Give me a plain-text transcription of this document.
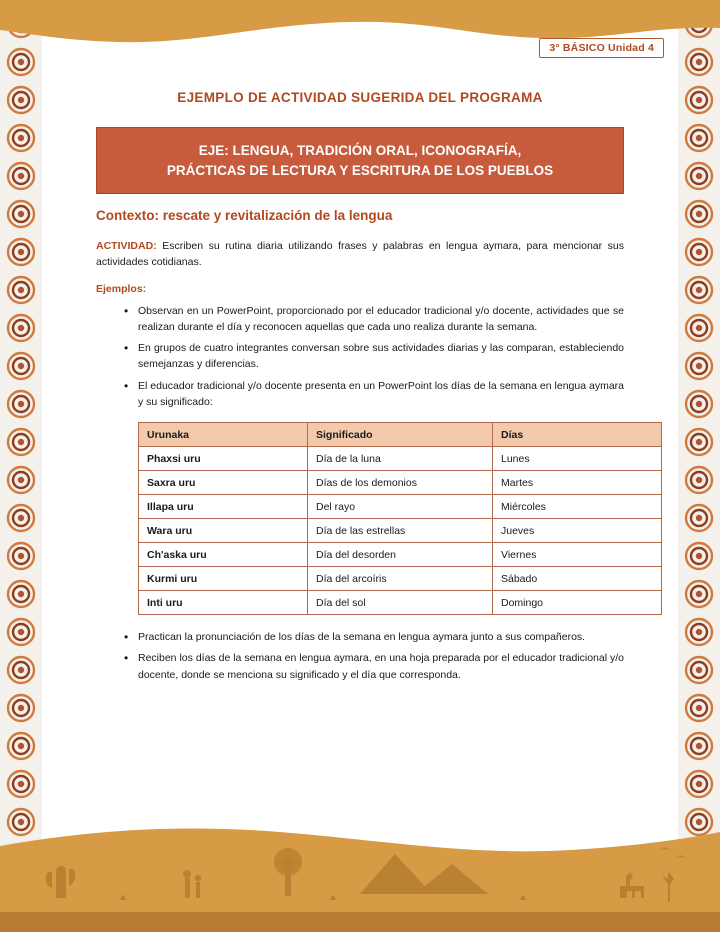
3° BÁSICO Unidad 4
EJEMPLO DE ACTIVIDAD SUGERIDA DEL PROGRAMA
EJE: LENGUA, TRADICIÓN ORAL, ICONOGRAFÍA,
PRÁCTICAS DE LECTURA Y ESCRITURA DE LOS PUEBLOS
Contexto: rescate y revitalización de la lengua

ACTIVIDAD: Escriben su rutina diaria utilizando frases y palabras en lengua aymara, para mencionar sus actividades cotidianas.

Ejemplos:
• Observan en un PowerPoint, proporcionado por el educador tradicional y/o docente, actividades que se realizan durante el día y reconocen aquellas que cada uno realiza durante la semana.
• En grupos de cuatro integrantes conversan sobre sus actividades diarias y las comparan, estableciendo semejanzas y diferencias.
• El educador tradicional y/o docente presenta en un PowerPoint los días de la semana en lengua aymara y su significado:
Urunaka	Significado	Días
Phaxsi uru	Día de la luna	Lunes
Saxra uru	Días de los demonios	Martes
Illapa uru	Del rayo	Miércoles
Wara uru	Día de las estrellas	Jueves
Ch'aska uru	Día del desorden	Viernes
Kurmi uru	Día del arcoíris	Sábado
Inti uru	Día del sol	Domingo
• Practican la pronunciación de los días de la semana en lengua aymara junto a sus compañeros.
• Reciben los días de la semana en lengua aymara, en una hoja preparada por el educador tradicional y/o docente, donde se menciona su significado y el día que corresponda.
